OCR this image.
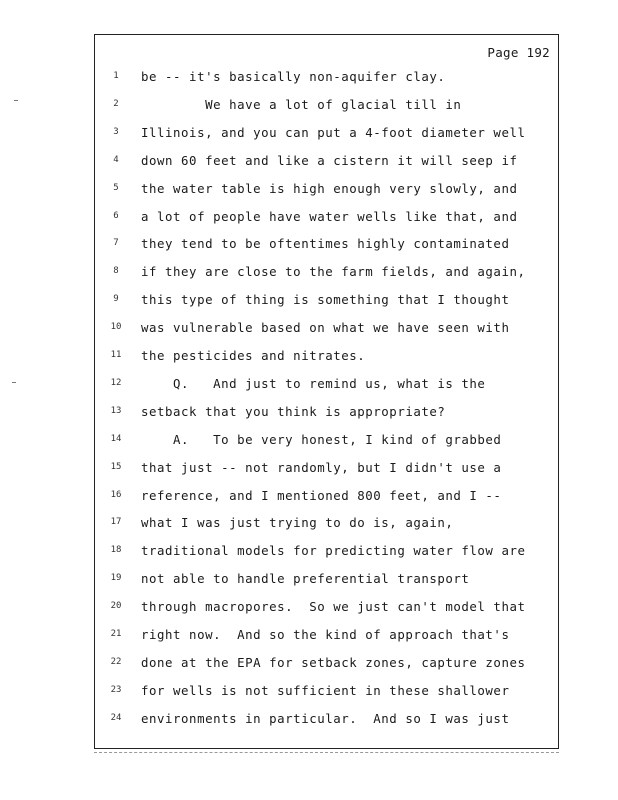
Page 192
1	be -- it's basically non-aquifer clay.
2	We have a lot of glacial till in
3	Illinois, and you can put a 4-foot diameter well
4	down 60 feet and like a cistern it will seep if
5	the water table is high enough very slowly, and
6	a lot of people have water wells like that, and
7	they tend to be oftentimes highly contaminated
8	if they are close to the farm fields, and again,
9	this type of thing is something that I thought
10	was vulnerable based on what we have seen with
11	the pesticides and nitrates.
12	Q.   And just to remind us, what is the
13	setback that you think is appropriate?
14	A.   To be very honest, I kind of grabbed
15	that just -- not randomly, but I didn't use a
16	reference, and I mentioned 800 feet, and I --
17	what I was just trying to do is, again,
18	traditional models for predicting water flow are
19	not able to handle preferential transport
20	through macropores.  So we just can't model that
21	right now.  And so the kind of approach that's
22	done at the EPA for setback zones, capture zones
23	for wells is not sufficient in these shallower
24	environments in particular.  And so I was just
